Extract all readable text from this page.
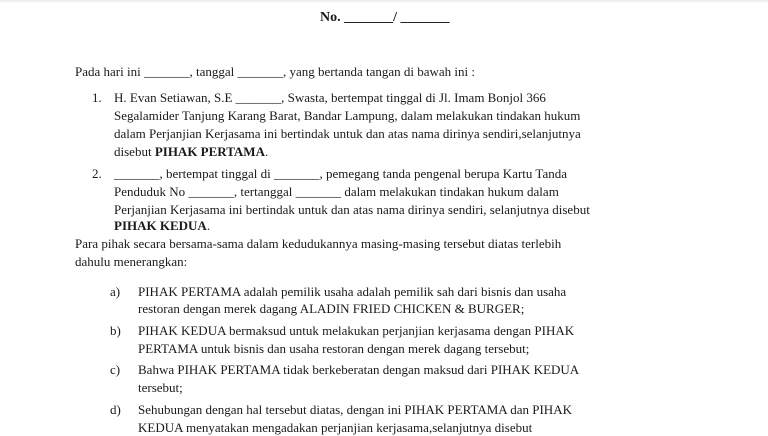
No. _______/ _______
Pada hari ini _______, tanggal _______, yang bertanda tangan di bawah ini :
1. H. Evan Setiawan, S.E _______, Swasta, bertempat tinggal di Jl. Imam Bonjol 366
Segalamider Tanjung Karang Barat, Bandar Lampung, dalam melakukan tindakan hukum
dalam Perjanjian Kerjasama ini bertindak untuk dan atas nama dirinya sendiri,selanjutnya
disebut PIHAK PERTAMA.
2. _______, bertempat tinggal di _______, pemegang tanda pengenal berupa Kartu Tanda
Penduduk No _______, tertanggal _______ dalam melakukan tindakan hukum dalam
Perjanjian Kerjasama ini bertindak untuk dan atas nama dirinya sendiri, selanjutnya disebut
PIHAK KEDUA.
Para pihak secara bersama-sama dalam kedudukannya masing-masing tersebut diatas terlebih
dahulu menerangkan:
a) PIHAK PERTAMA adalah pemilik usaha adalah pemilik sah dari bisnis dan usaha
restoran dengan merek dagang ALADIN FRIED CHICKEN & BURGER;
b) PIHAK KEDUA bermaksud untuk melakukan perjanjian kerjasama dengan PIHAK
PERTAMA untuk bisnis dan usaha restoran dengan merek dagang tersebut;
c) Bahwa PIHAK PERTAMA tidak berkeberatan dengan maksud dari PIHAK KEDUA
tersebut;
d) Sehubungan dengan hal tersebut diatas, dengan ini PIHAK PERTAMA dan PIHAK
KEDUA menyatakan mengadakan perjanjian kerjasama,selanjutnya disebut
